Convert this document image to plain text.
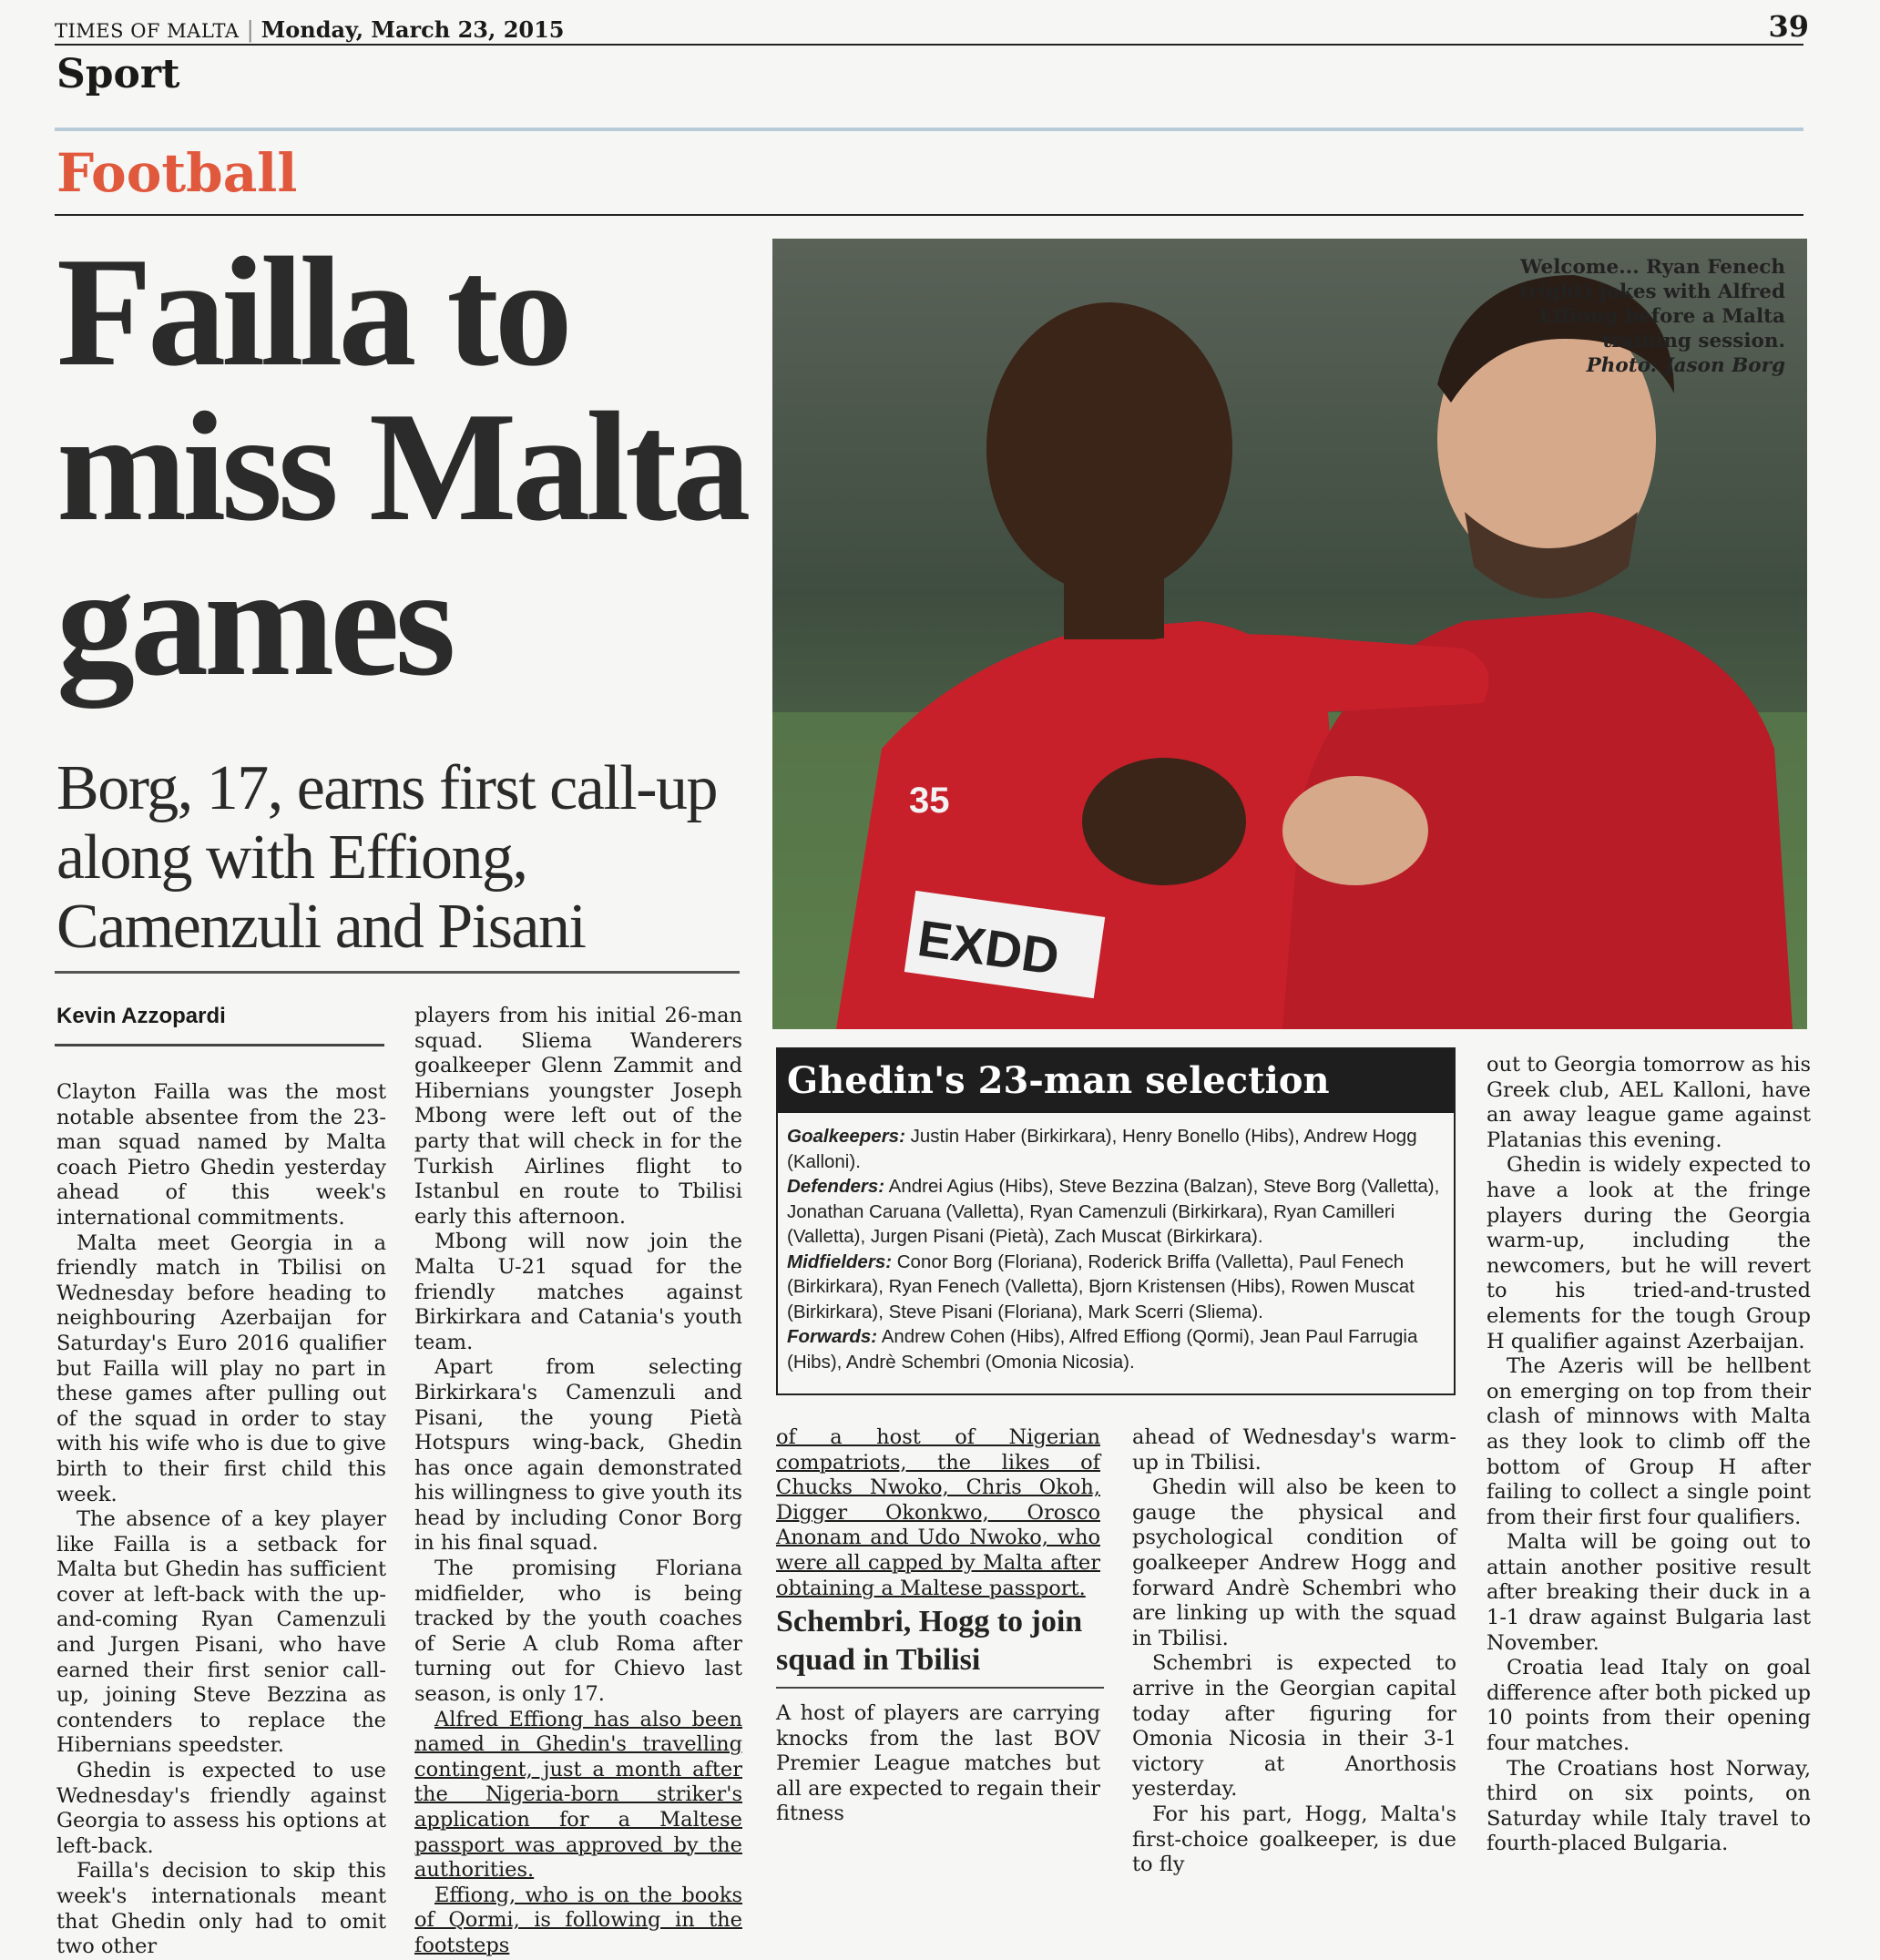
TIMES OF MALTA | Monday, March 23, 2015	39
Sport
Football
Failla to miss Malta games
Borg, 17, earns first call-up along with Effiong, Camenzuli and Pisani
Kevin Azzopardi

Clayton Failla was the most notable absentee from the 23-man squad named by Malta coach Pietro Ghedin yesterday ahead of this week's international commitments.

Malta meet Georgia in a friendly match in Tbilisi on Wednesday before heading to neighbouring Azerbaijan for Saturday's Euro 2016 qualifier but Failla will play no part in these games after pulling out of the squad in order to stay with his wife who is due to give birth to their first child this week.

The absence of a key player like Failla is a setback for Malta but Ghedin has sufficient cover at left-back with the up-and-coming Ryan Camenzuli and Jurgen Pisani, who have earned their first senior call-up, joining Steve Bezzina as contenders to replace the Hibernians speedster.

Ghedin is expected to use Wednesday's friendly against Georgia to assess his options at left-back.

Failla's decision to skip this week's internationals meant that Ghedin only had to omit two other

players from his initial 26-man squad. Sliema Wanderers goalkeeper Glenn Zammit and Hibernians youngster Joseph Mbong were left out of the party that will check in for the Turkish Airlines flight to Istanbul en route to Tbilisi early this afternoon.

Mbong will now join the Malta U-21 squad for the friendly matches against Birkirkara and Catania's youth team.

Apart from selecting Birkirkara's Camenzuli and Pisani, the young Pietà Hotspurs wing-back, Ghedin has once again demonstrated his willingness to give youth its head by including Conor Borg in his final squad.

The promising Floriana midfielder, who is being tracked by the youth coaches of Serie A club Roma after turning out for Chievo last season, is only 17.

Alfred Effiong has also been named in Ghedin's travelling contingent, just a month after the Nigeria-born striker's application for a Maltese passport was approved by the authorities.

Effiong, who is on the books of Qormi, is following in the footsteps

EXDD
35
Welcome... Ryan Fenech (right) jokes with Alfred Effiong before a Malta training session.
Photo: Jason Borg
Ghedin's 23-man selection
Goalkeepers: Justin Haber (Birkirkara), Henry Bonello (Hibs), Andrew Hogg (Kalloni).
Defenders: Andrei Agius (Hibs), Steve Bezzina (Balzan), Steve Borg (Valletta), Jonathan Caruana (Valletta), Ryan Camenzuli (Birkirkara), Ryan Camilleri (Valletta), Jurgen Pisani (Pietà), Zach Muscat (Birkirkara).
Midfielders: Conor Borg (Floriana), Roderick Briffa (Valletta), Paul Fenech (Birkirkara), Ryan Fenech (Valletta), Bjorn Kristensen (Hibs), Rowen Muscat (Birkirkara), Steve Pisani (Floriana), Mark Scerri (Sliema).
Forwards: Andrew Cohen (Hibs), Alfred Effiong (Qormi), Jean Paul Farrugia (Hibs), Andrè Schembri (Omonia Nicosia).

of a host of Nigerian compatriots, the likes of Chucks Nwoko, Chris Okoh, Digger Okonkwo, Orosco Anonam and Udo Nwoko, who were all capped by Malta after obtaining a Maltese passport.

Schembri, Hogg to join squad in Tbilisi

A host of players are carrying knocks from the last BOV Premier League matches but all are expected to regain their fitness

ahead of Wednesday's warm-up in Tbilisi.

Ghedin will also be keen to gauge the physical and psychological condition of goalkeeper Andrew Hogg and forward Andrè Schembri who are linking up with the squad in Tbilisi.

Schembri is expected to arrive in the Georgian capital today after figuring for Omonia Nicosia in their 3-1 victory at Anorthosis yesterday.

For his part, Hogg, Malta's first-choice goalkeeper, is due to fly

out to Georgia tomorrow as his Greek club, AEL Kalloni, have an away league game against Platanias this evening.

Ghedin is widely expected to have a look at the fringe players during the Georgia warm-up, including the newcomers, but he will revert to his tried-and-trusted elements for the tough Group H qualifier against Azerbaijan.

The Azeris will be hellbent on emerging on top from their clash of minnows with Malta as they look to climb off the bottom of Group H after failing to collect a single point from their first four qualifiers.

Malta will be going out to attain another positive result after breaking their duck in a 1-1 draw against Bulgaria last November.

Croatia lead Italy on goal difference after both picked up 10 points from their opening four matches.

The Croatians host Norway, third on six points, on Saturday while Italy travel to fourth-placed Bulgaria.
